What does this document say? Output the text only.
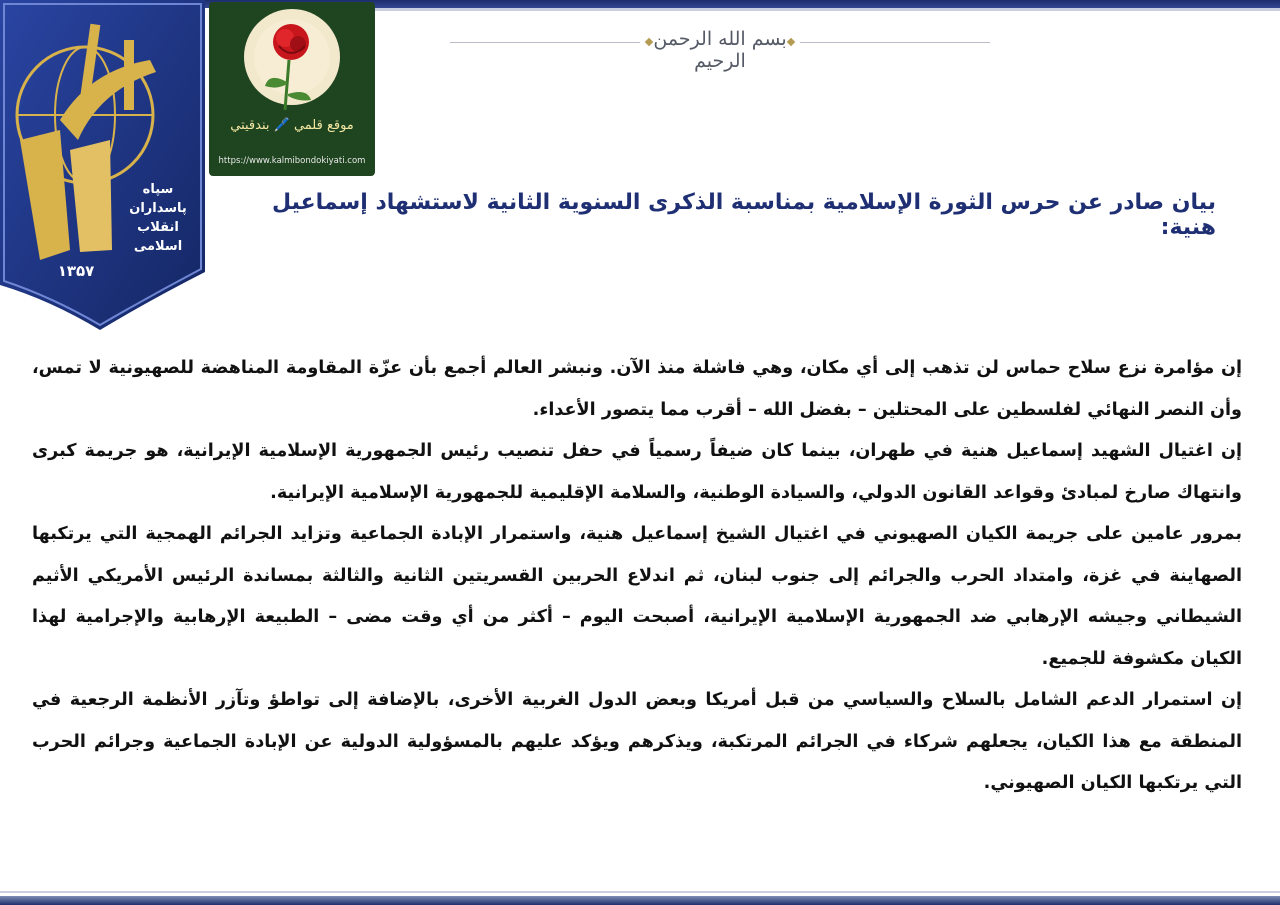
سپاه
پاسداران
انقلاب
اسلامی
۱۳۵۷
موقع قلمي 🖊️ بندقيتي
https://www.kalmibondokiyati.com
بسم الله الرحمن الرحيم
بيان صادر عن حرس الثورة الإسلامية بمناسبة الذكرى السنوية الثانية لاستشهاد إسماعيل هنية:

إن مؤامرة نزع سلاح حماس لن تذهب إلى أي مكان، وهي فاشلة منذ الآن. ونبشر العالم أجمع بأن عزّة المقاومة المناهضة للصهيونية لا تمس، وأن النصر النهائي لفلسطين على المحتلين – بفضل الله – أقرب مما يتصور الأعداء.

إن اغتيال الشهيد إسماعيل هنية في طهران، بينما كان ضيفاً رسمياً في حفل تنصيب رئيس الجمهورية الإسلامية الإيرانية، هو جريمة كبرى وانتهاك صارخ لمبادئ وقواعد القانون الدولي، والسيادة الوطنية، والسلامة الإقليمية للجمهورية الإسلامية الإيرانية.

بمرور عامين على جريمة الكيان الصهيوني في اغتيال الشيخ إسماعيل هنية، واستمرار الإبادة الجماعية وتزايد الجرائم الهمجية التي يرتكبها الصهاينة في غزة، وامتداد الحرب والجرائم إلى جنوب لبنان، ثم اندلاع الحربين القسريتين الثانية والثالثة بمساندة الرئيس الأمريكي الأثيم الشيطاني وجيشه الإرهابي ضد الجمهورية الإسلامية الإيرانية، أصبحت اليوم – أكثر من أي وقت مضى – الطبيعة الإرهابية والإجرامية لهذا الكيان مكشوفة للجميع.

إن استمرار الدعم الشامل بالسلاح والسياسي من قبل أمريكا وبعض الدول الغربية الأخرى، بالإضافة إلى تواطؤ وتآزر الأنظمة الرجعية في المنطقة مع هذا الكيان، يجعلهم شركاء في الجرائم المرتكبة، ويذكرهم ويؤكد عليهم بالمسؤولية الدولية عن الإبادة الجماعية وجرائم الحرب التي يرتكبها الكيان الصهيوني.
